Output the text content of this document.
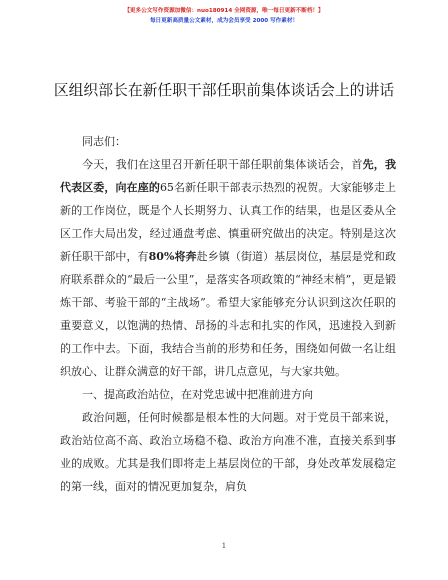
【更多公文写作资源加微信：nuo180914 全网资源，唯一每日更新不断档！】
每日更新高质量公文素材，成为会员享受 2000 写作素材！
区组织部长在新任职干部任职前集体谈话会上的讲话

同志们：

今天，我们在这里召开新任职干部任职前集体谈话会，首先，我代表区委，向在座的65名新任职干部表示热烈的祝贺。大家能够走上新的工作岗位，既是个人长期努力、认真工作的结果，也是区委从全区工作大局出发，经过通盘考虑、慎重研究做出的决定。特别是这次新任职干部中，有80%将奔赴乡镇（街道）基层岗位，基层是党和政府联系群众的“最后一公里”，是落实各项政策的“神经末梢”，更是锻炼干部、考验干部的“主战场”。希望大家能够充分认识到这次任职的重要意义，以饱满的热情、昂扬的斗志和扎实的作风，迅速投入到新的工作中去。下面，我结合当前的形势和任务，围绕如何做一名让组织放心、让群众满意的好干部，讲几点意见，与大家共勉。

一、提高政治站位，在对党忠诚中把准前进方向

政治问题，任何时候都是根本性的大问题。对于党员干部来说，政治站位高不高、政治立场稳不稳、政治方向准不准，直接关系到事业的成败。尤其是我们即将走上基层岗位的干部，身处改革发展稳定的第一线，面对的情况更加复杂，肩负

1
